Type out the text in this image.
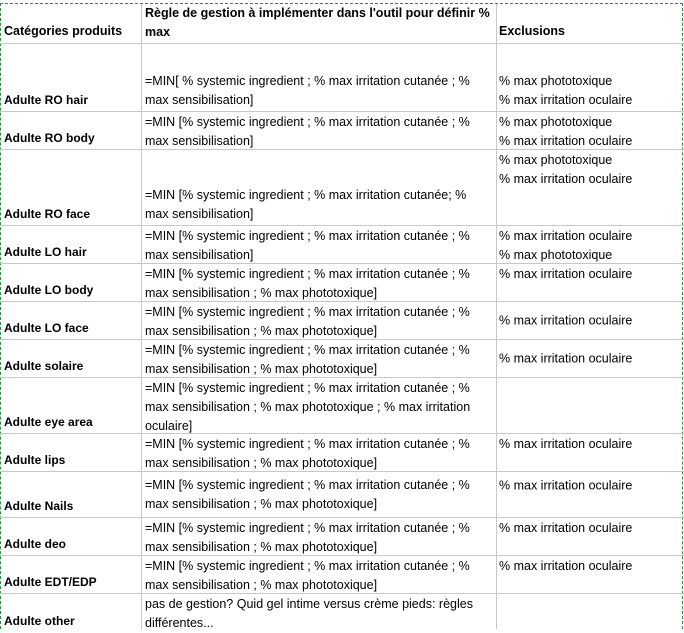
Catégories produits
Règle de gestion à implémenter dans l'outil pour définir % max	Exclusions
Adulte RO hair
=MIN[ % systemic ingredient ; % max irritation cutanée ; % max sensibilisation]
% max phototoxique
% max irritation oculaire
Adulte RO body
=MIN [% systemic ingredient ; % max irritation cutanée ; % max sensibilisation]
% max phototoxique
% max irritation oculaire
Adulte RO face
=MIN [% systemic ingredient ; % max irritation cutanée; % max sensibilisation]
% max phototoxique
% max irritation oculaire
Adulte LO hair
=MIN [% systemic ingredient ; % max irritation cutanée ; % max sensibilisation]
% max irritation oculaire
% max phototoxique
Adulte LO body
=MIN [% systemic ingredient ; % max irritation cutanée ; % max sensibilisation ; % max phototoxique]
% max irritation oculaire
Adulte LO face
=MIN [% systemic ingredient ; % max irritation cutanée ; % max sensibilisation ; % max phototoxique]
% max irritation oculaire
Adulte solaire
=MIN [% systemic ingredient ; % max irritation cutanée ; % max sensibilisation ; % max phototoxique]
% max irritation oculaire
Adulte eye area
=MIN [% systemic ingredient ; % max irritation cutanée ; % max sensibilisation ; % max phototoxique ; % max irritation oculaire]
Adulte lips
=MIN [% systemic ingredient ; % max irritation cutanée ; % max sensibilisation ; % max phototoxique]
% max irritation oculaire
Adulte Nails
=MIN [% systemic ingredient ; % max irritation cutanée ; % max sensibilisation ; % max phototoxique]
% max irritation oculaire
Adulte deo
=MIN [% systemic ingredient ; % max irritation cutanée ; % max sensibilisation ; % max phototoxique]
% max irritation oculaire
Adulte EDT/EDP
=MIN [% systemic ingredient ; % max irritation cutanée ; % max sensibilisation ; % max phototoxique]
% max irritation oculaire
Adulte other
pas de gestion? Quid gel intime versus crème pieds: règles différentes...
